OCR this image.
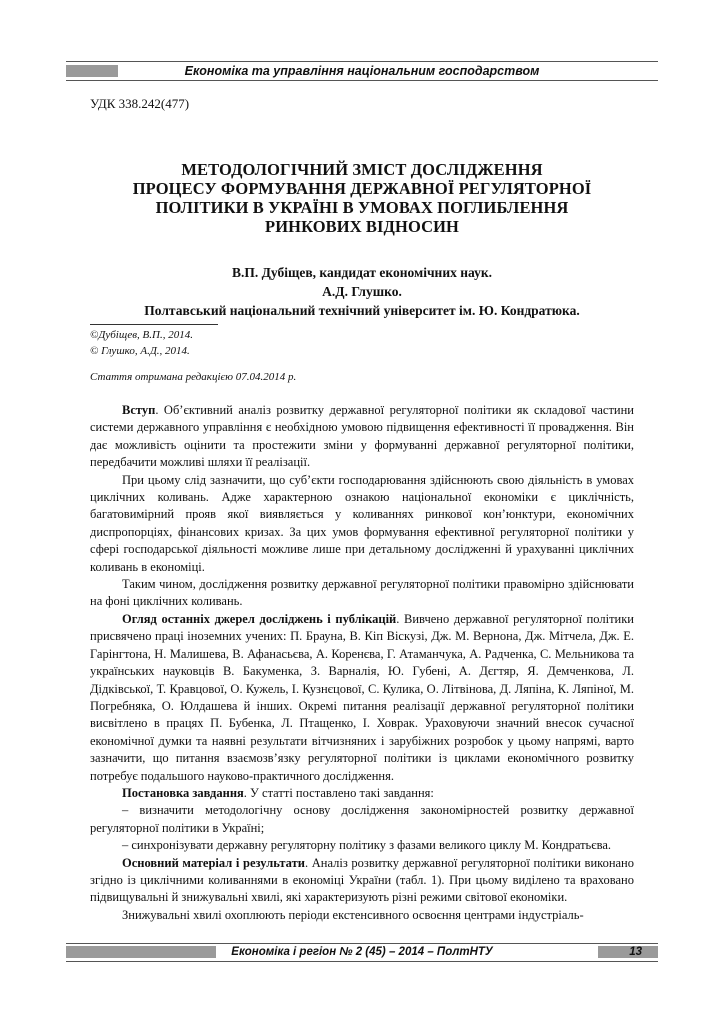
Економіка та управління національним господарством
УДК 338.242(477)
МЕТОДОЛОГІЧНИЙ ЗМІСТ ДОСЛІДЖЕННЯ
ПРОЦЕСУ ФОРМУВАННЯ ДЕРЖАВНОЇ РЕГУЛЯТОРНОЇ
ПОЛІТИКИ В УКРАЇНІ В УМОВАХ ПОГЛИБЛЕННЯ
РИНКОВИХ ВІДНОСИН
В.П. Дубіщев, кандидат економічних наук.
А.Д. Глушко.
Полтавський національний технічний університет ім. Ю. Кондратюка.
©Дубіщев, В.П., 2014.
© Глушко, А.Д., 2014.
Стаття отримана редакцією 07.04.2014 р.

Вступ. Об’єктивний аналіз розвитку державної регуляторної політики як складової частини системи державного управління є необхідною умовою підвищення ефективності її провадження. Він дає можливість оцінити та простежити зміни у формуванні державної регуляторної політики, передбачити можливі шляхи її реалізації.

При цьому слід зазначити, що суб’єкти господарювання здійснюють свою діяльність в умовах циклічних коливань. Адже характерною ознакою національної економіки є циклічність, багатовимірний прояв якої виявляється у коливаннях ринкової кон’юнктури, економічних диспропорціях, фінансових кризах. За цих умов формування ефективної регуляторної політики у сфері господарської діяльності можливе лише при детальному дослідженні й урахуванні циклічних коливань в економіці.

Таким чином, дослідження розвитку державної регуляторної політики правомірно здійснювати на фоні циклічних коливань.

Огляд останніх джерел досліджень і публікацій. Вивчено державної регуляторної політики присвячено праці іноземних учених: П. Брауна, В. Кіп Віскузі, Дж. М. Вернона, Дж. Мітчела, Дж. Е. Гарінгтона, Н. Малишева, В. Афанасьєва, А. Коренєва, Г. Атаманчука, А. Радченка, С. Мельникова та українських науковців В. Бакуменка, З. Варналія, Ю. Губені, А. Дєгтяр, Я. Демченкова, Л. Дідківської, Т. Кравцової, О. Кужель, І. Кузнєцової, С. Кулика, О. Літвінова, Д. Ляпіна, К. Ляпіної, М. Погребняка, О. Юлдашева й інших. Окремі питання реалізації державної регуляторної політики висвітлено в працях П. Бубенка, Л. Птащенко, І. Ховрак. Ураховуючи значний внесок сучасної економічної думки та наявні результати вітчизняних і зарубіжних розробок у цьому напрямі, варто зазначити, що питання взаємозв’язку регуляторної політики із циклами економічного розвитку потребує подальшого науково-практичного дослідження.

Постановка завдання. У статті поставлено такі завдання:

– визначити методологічну основу дослідження закономірностей розвитку державної регуляторної політики в Україні;

– синхронізувати державну регуляторну політику з фазами великого циклу М. Кондратьєва.

Основний матеріал і результати. Аналіз розвитку державної регуляторної політики виконано згідно із циклічними коливаннями в економіці України (табл. 1). При цьому виділено та враховано підвищувальні й знижувальні хвилі, які характеризують різні режими світової економіки.

Знижувальні хвилі охоплюють періоди екстенсивного освоєння центрами індустріаль-

Економіка і регіон № 2 (45) – 2014 – ПолтНТУ	13
